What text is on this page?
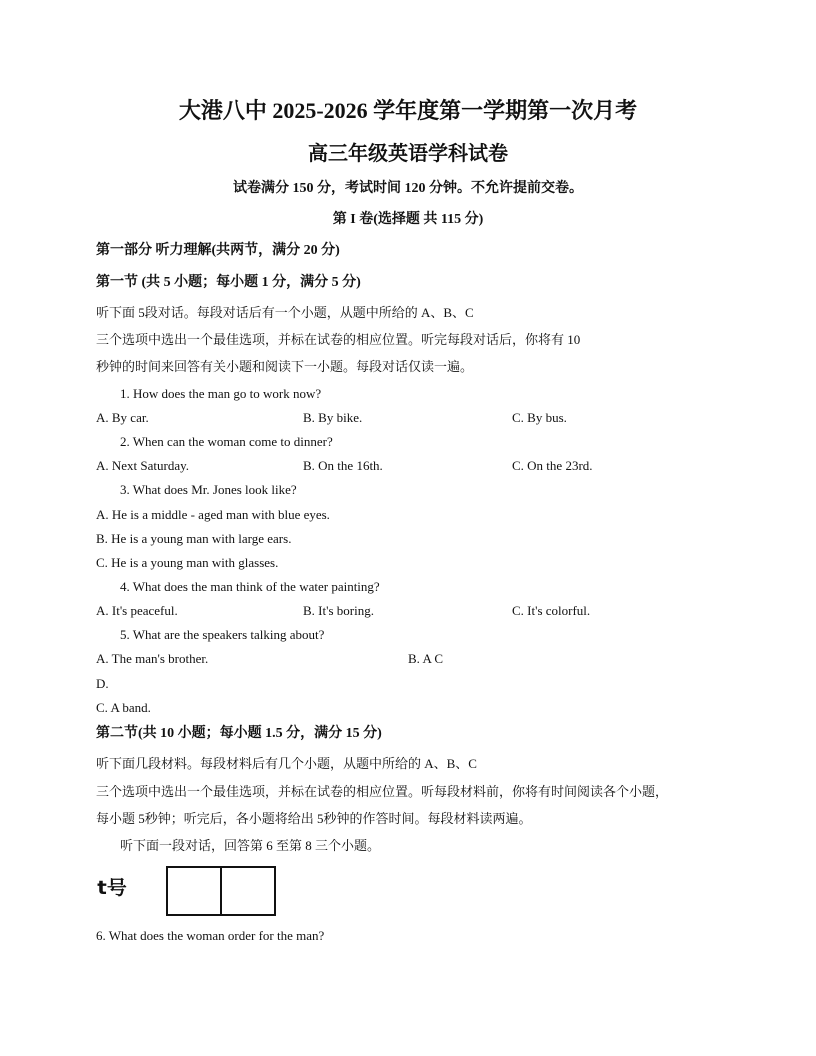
大港八中 2025-2026 学年度第一学期第一次月考
高三年级英语学科试卷
试卷满分 150 分，考试时间 120 分钟。不允许提前交卷。
第 I 卷(选择题 共 115 分)
第一部分 听力理解(共两节，满分 20 分)
第一节 (共 5 小题；每小题 1 分，满分 5 分)
听下面 5段对话。每段对话后有一个小题，从题中所给的 A、B、C
三个选项中选出一个最佳选项，并标在试卷的相应位置。听完每段对话后，你将有 10
秒钟的时间来回答有关小题和阅读下一小题。每段对话仅读一遍。
1. How does the man go to work now?
A. By car.	B. By bike.	C. By bus.
2. When can the woman come to dinner?
A. Next Saturday.	B. On the 16th.	C. On the 23rd.
3. What does Mr. Jones look like?
A. He is a middle - aged man with blue eyes.
B. He is a young man with large ears.
C. He is a young man with glasses.
4. What does the man think of the water painting?
A. It's peaceful.	B. It's boring.	C. It's colorful.
5. What are the speakers talking about?
A. The man's brother.	B. A C
D.
C. A band.
第二节(共 10 小题；每小题 1.5 分，满分 15 分)
听下面几段材料。每段材料后有几个小题，从题中所给的 A、B、C
三个选项中选出一个最佳选项，并标在试卷的相应位置。听每段材料前，你将有时间阅读各个小题，
每小题 5秒钟；听完后，各小题将给出 5秒钟的作答时间。每段材料读两遍。
听下面一段对话，回答第 6 至第 8 三个小题。
t号
6. What does the woman order for the man?
